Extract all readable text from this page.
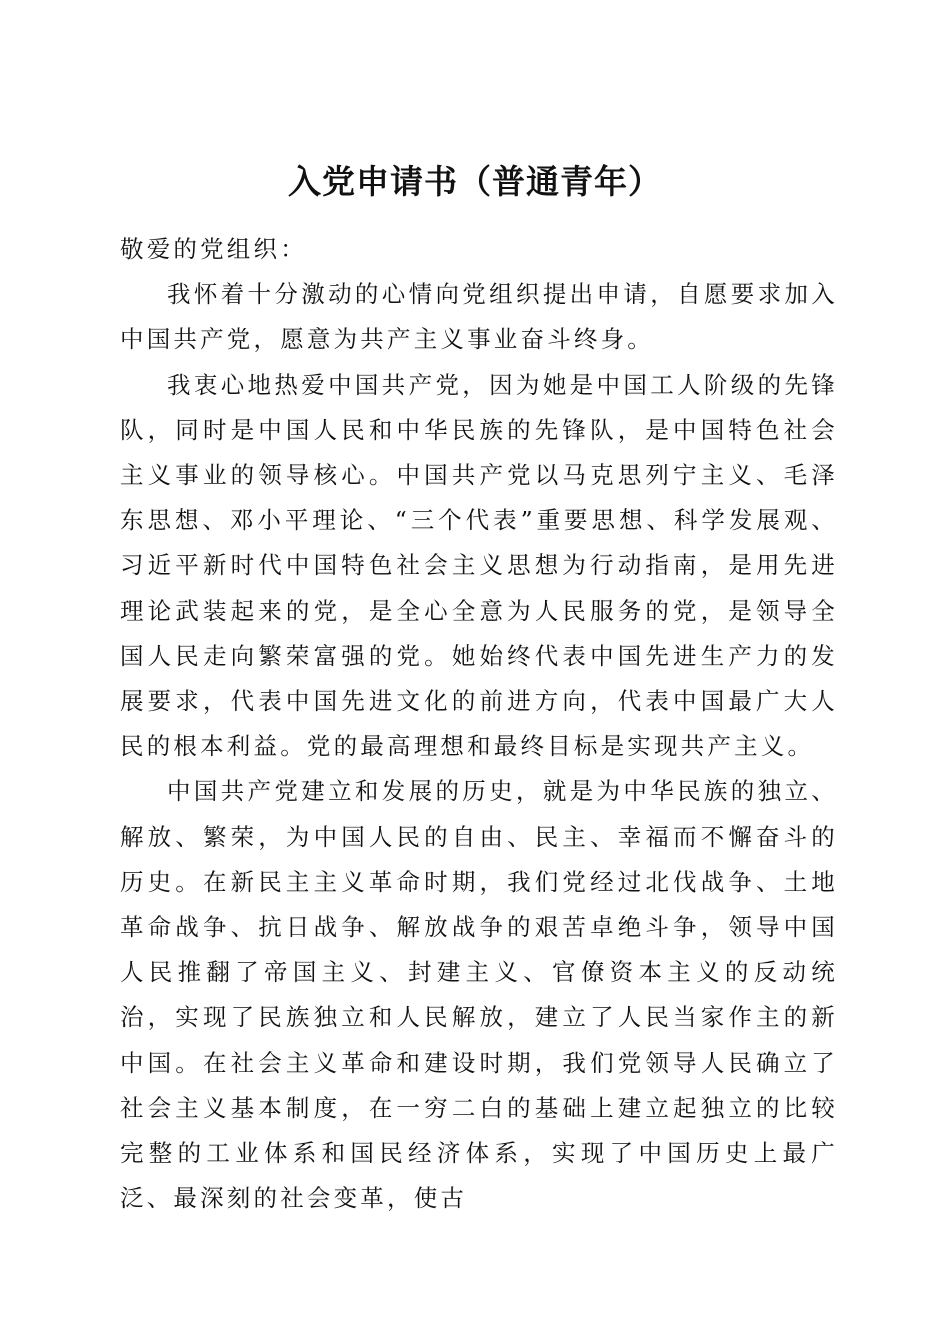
入党申请书（普通青年）

敬爱的党组织：

我怀着十分激动的心情向党组织提出申请，自愿要求加入中国共产党，愿意为共产主义事业奋斗终身。

我衷心地热爱中国共产党，因为她是中国工人阶级的先锋队，同时是中国人民和中华民族的先锋队，是中国特色社会主义事业的领导核心。中国共产党以马克思列宁主义、毛泽东思想、邓小平理论、“三个代表”重要思想、科学发展观、习近平新时代中国特色社会主义思想为行动指南，是用先进理论武装起来的党，是全心全意为人民服务的党，是领导全国人民走向繁荣富强的党。她始终代表中国先进生产力的发展要求，代表中国先进文化的前进方向，代表中国最广大人民的根本利益。党的最高理想和最终目标是实现共产主义。

中国共产党建立和发展的历史，就是为中华民族的独立、解放、繁荣，为中国人民的自由、民主、幸福而不懈奋斗的历史。在新民主主义革命时期，我们党经过北伐战争、土地革命战争、抗日战争、解放战争的艰苦卓绝斗争，领导中国人民推翻了帝国主义、封建主义、官僚资本主义的反动统治，实现了民族独立和人民解放，建立了人民当家作主的新中国。在社会主义革命和建设时期，我们党领导人民确立了社会主义基本制度，在一穷二白的基础上建立起独立的比较完整的工业体系和国民经济体系，实现了中国历史上最广泛、最深刻的社会变革，使古
